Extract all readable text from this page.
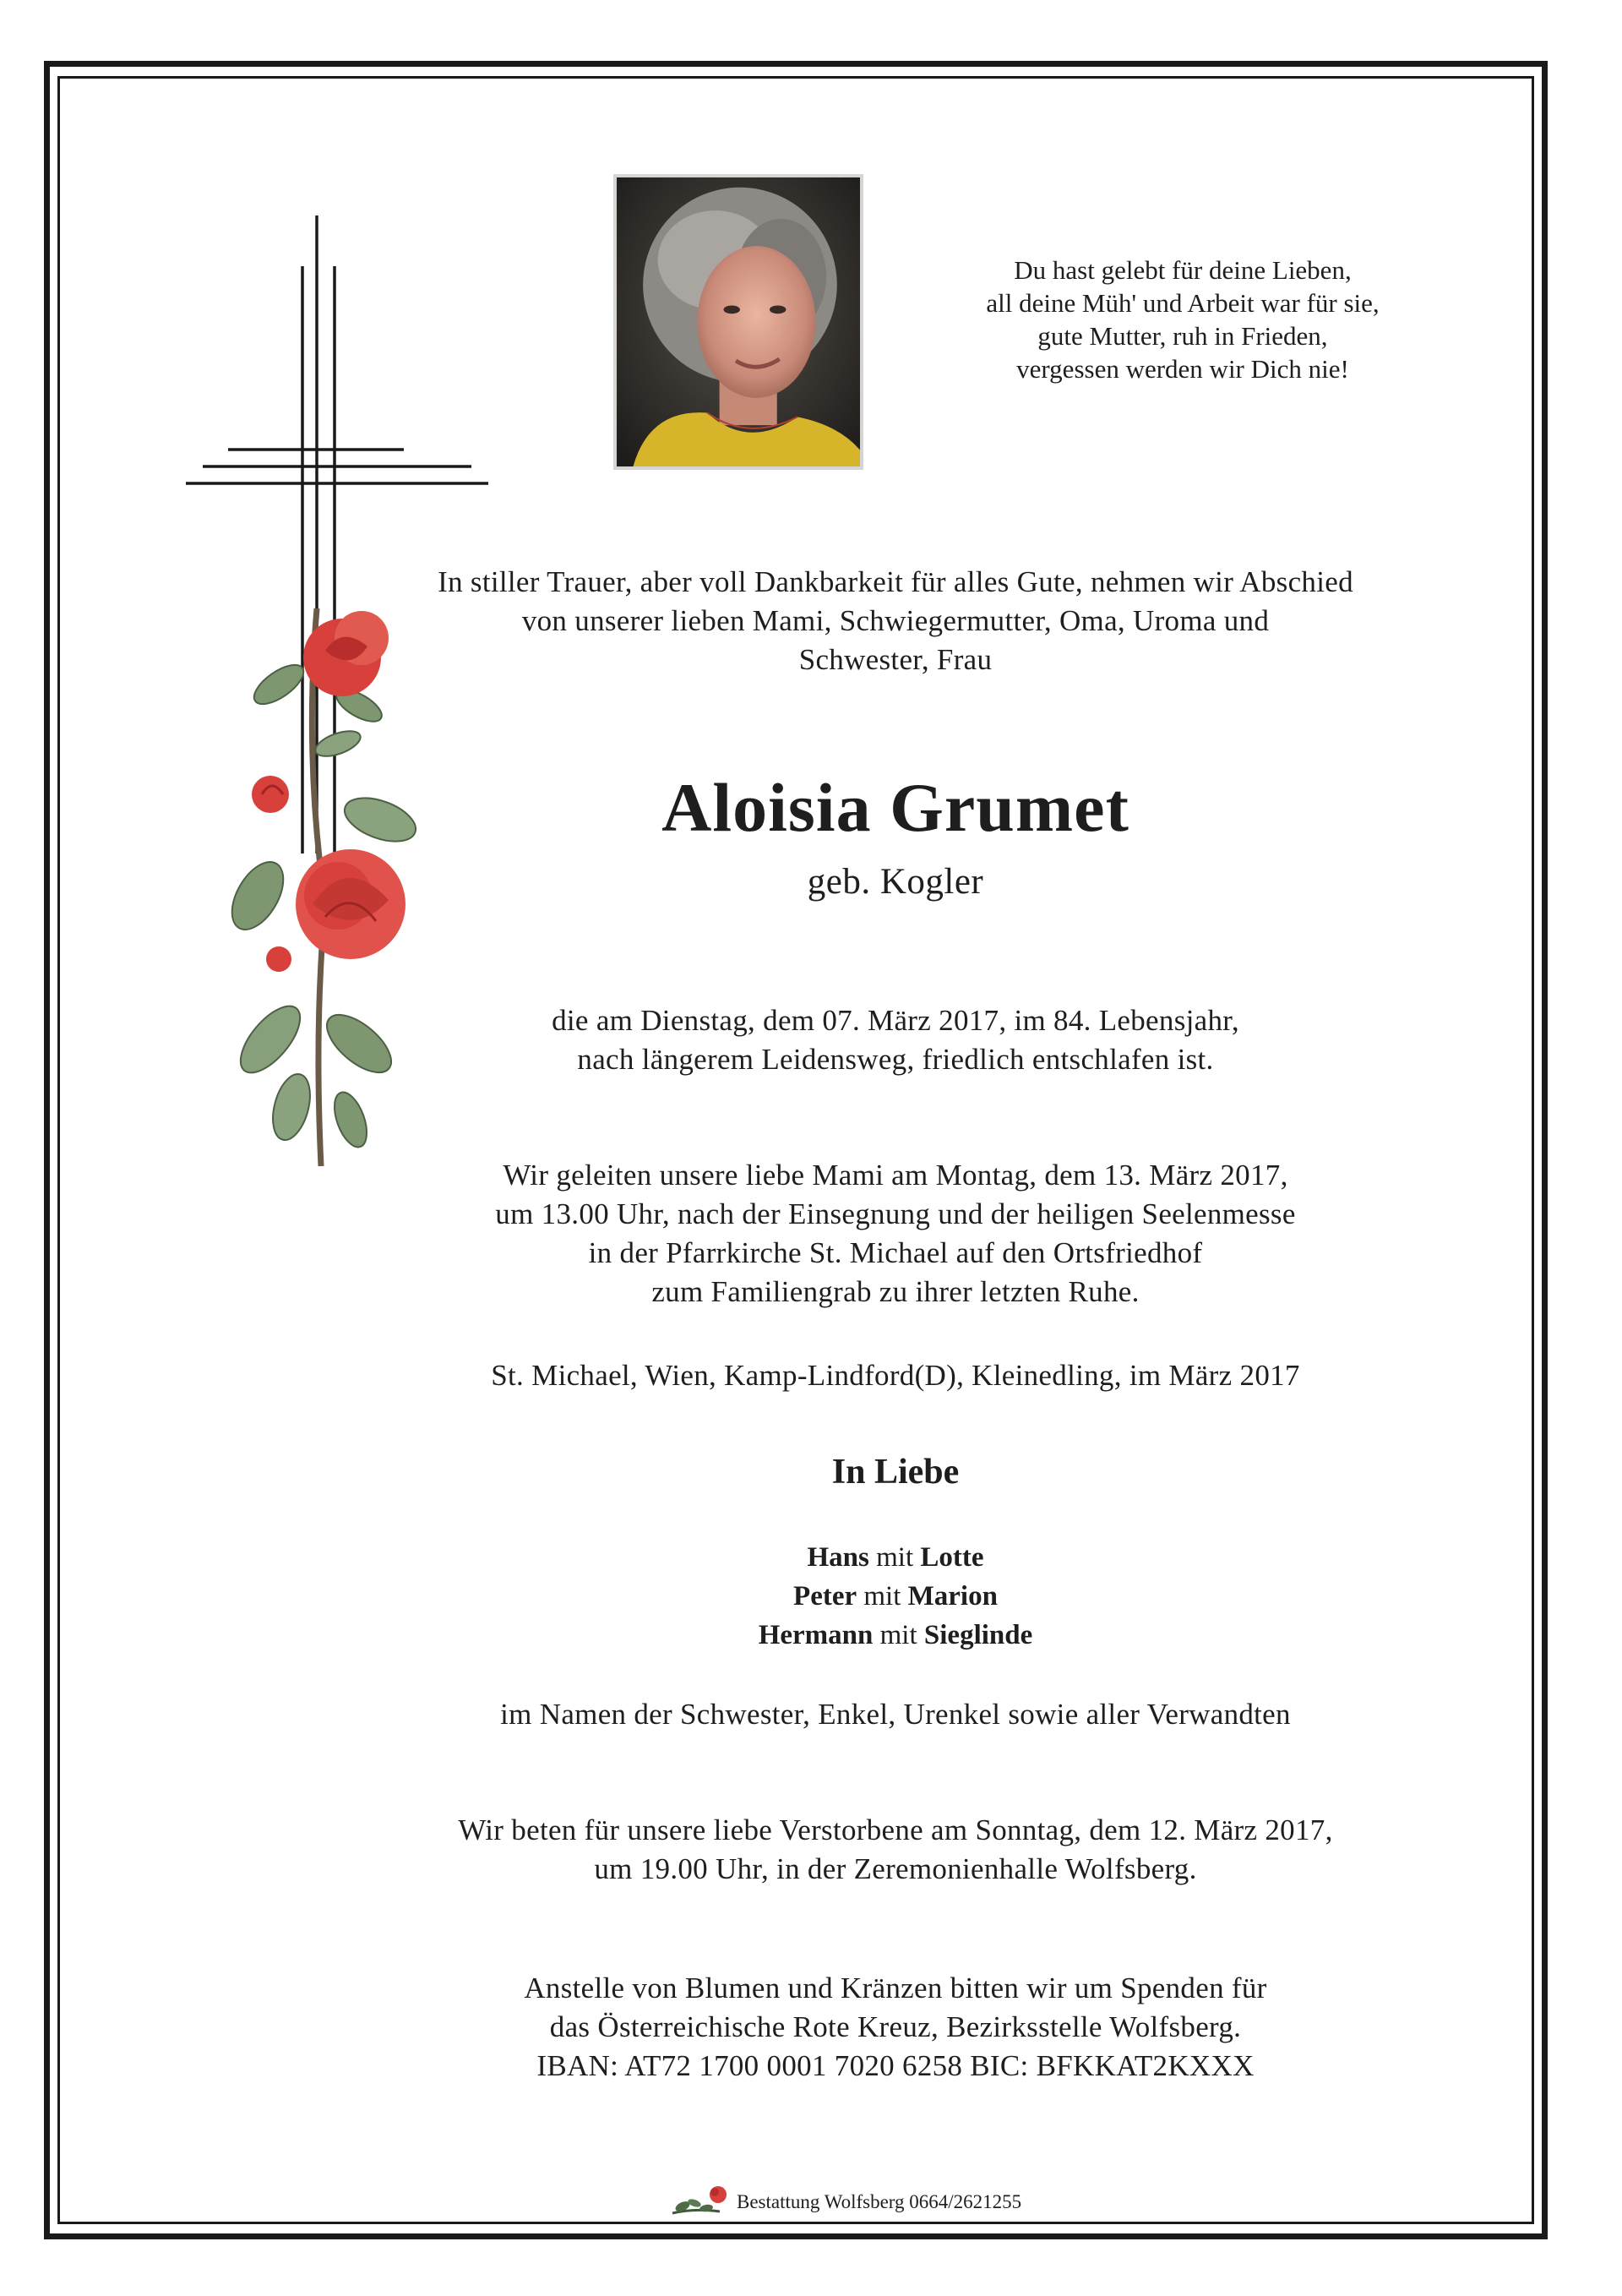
Du hast gelebt für deine Lieben,
all deine Müh' und Arbeit war für sie,
gute Mutter, ruh in Frieden,
vergessen werden wir Dich nie!
In stiller Trauer, aber voll Dankbarkeit für alles Gute, nehmen wir Abschied
von unserer lieben Mami, Schwiegermutter, Oma, Uroma und
Schwester, Frau
Aloisia Grumet
geb. Kogler
die am Dienstag, dem 07. März 2017, im 84. Lebensjahr,
nach längerem Leidensweg, friedlich entschlafen ist.
Wir geleiten unsere liebe Mami am Montag, dem 13. März 2017,
um 13.00 Uhr, nach der Einsegnung und der heiligen Seelenmesse
in der Pfarrkirche St. Michael auf den Ortsfriedhof
zum Familiengrab zu ihrer letzten Ruhe.
St. Michael, Wien, Kamp-Lindford(D), Kleinedling, im März 2017
In Liebe
Hans mit Lotte
Peter mit Marion
Hermann mit Sieglinde
im Namen der Schwester, Enkel, Urenkel sowie aller Verwandten
Wir beten für unsere liebe Verstorbene am Sonntag, dem 12. März 2017,
um 19.00 Uhr, in der Zeremonienhalle Wolfsberg.
Anstelle von Blumen und Kränzen bitten wir um Spenden für
das Österreichische Rote Kreuz, Bezirksstelle Wolfsberg.
IBAN: AT72 1700 0001 7020 6258 BIC: BFKKAT2KXXX
Bestattung Wolfsberg 0664/2621255
